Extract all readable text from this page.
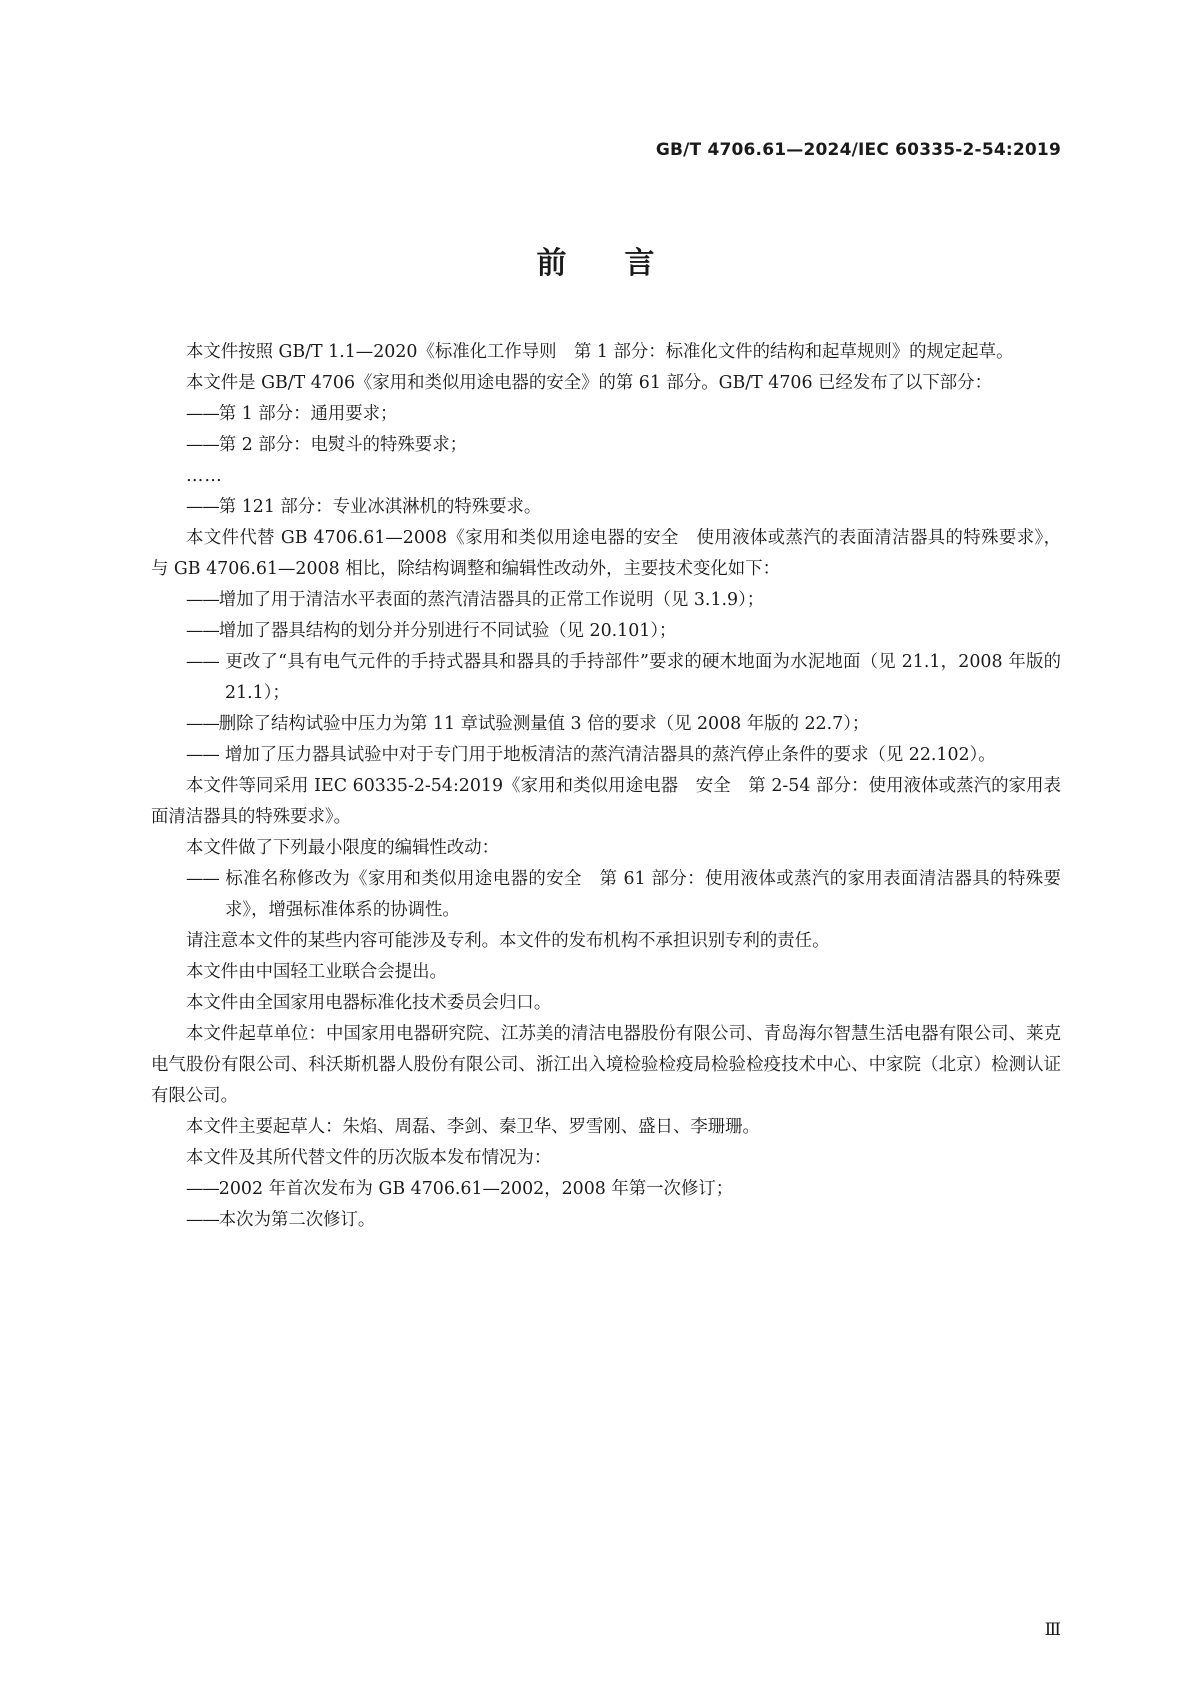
GB/T 4706.61—2024/IEC 60335-2-54:2019
前言

本文件按照 GB/T 1.1—2020《标准化工作导则　第 1 部分：标准化文件的结构和起草规则》的规定起草。

本文件是 GB/T 4706《家用和类似用途电器的安全》的第 61 部分。GB/T 4706 已经发布了以下部分：

——第 1 部分：通用要求；

——第 2 部分：电熨斗的特殊要求；

……

——第 121 部分：专业冰淇淋机的特殊要求。

本文件代替 GB 4706.61—2008《家用和类似用途电器的安全　使用液体或蒸汽的表面清洁器具的特殊要求》，与 GB 4706.61—2008 相比，除结构调整和编辑性改动外，主要技术变化如下：

——增加了用于清洁水平表面的蒸汽清洁器具的正常工作说明（见 3.1.9）；

——增加了器具结构的划分并分别进行不同试验（见 20.101）；

—— 更改了“具有电气元件的手持式器具和器具的手持部件”要求的硬木地面为水泥地面（见 21.1，2008 年版的 21.1）；

——删除了结构试验中压力为第 11 章试验测量值 3 倍的要求（见 2008 年版的 22.7）；

—— 增加了压力器具试验中对于专门用于地板清洁的蒸汽清洁器具的蒸汽停止条件的要求（见 22.102）。

本文件等同采用 IEC 60335-2-54:2019《家用和类似用途电器　安全　第 2-54 部分：使用液体或蒸汽的家用表面清洁器具的特殊要求》。

本文件做了下列最小限度的编辑性改动：

—— 标准名称修改为《家用和类似用途电器的安全　第 61 部分：使用液体或蒸汽的家用表面清洁器具的特殊要求》，增强标准体系的协调性。

请注意本文件的某些内容可能涉及专利。本文件的发布机构不承担识别专利的责任。

本文件由中国轻工业联合会提出。

本文件由全国家用电器标准化技术委员会归口。

本文件起草单位：中国家用电器研究院、江苏美的清洁电器股份有限公司、青岛海尔智慧生活电器有限公司、莱克电气股份有限公司、科沃斯机器人股份有限公司、浙江出入境检验检疫局检验检疫技术中心、中家院（北京）检测认证有限公司。

本文件主要起草人：朱焰、周磊、李剑、秦卫华、罗雪刚、盛日、李珊珊。

本文件及其所代替文件的历次版本发布情况为：

——2002 年首次发布为 GB 4706.61—2002，2008 年第一次修订；

——本次为第二次修订。

Ⅲ
